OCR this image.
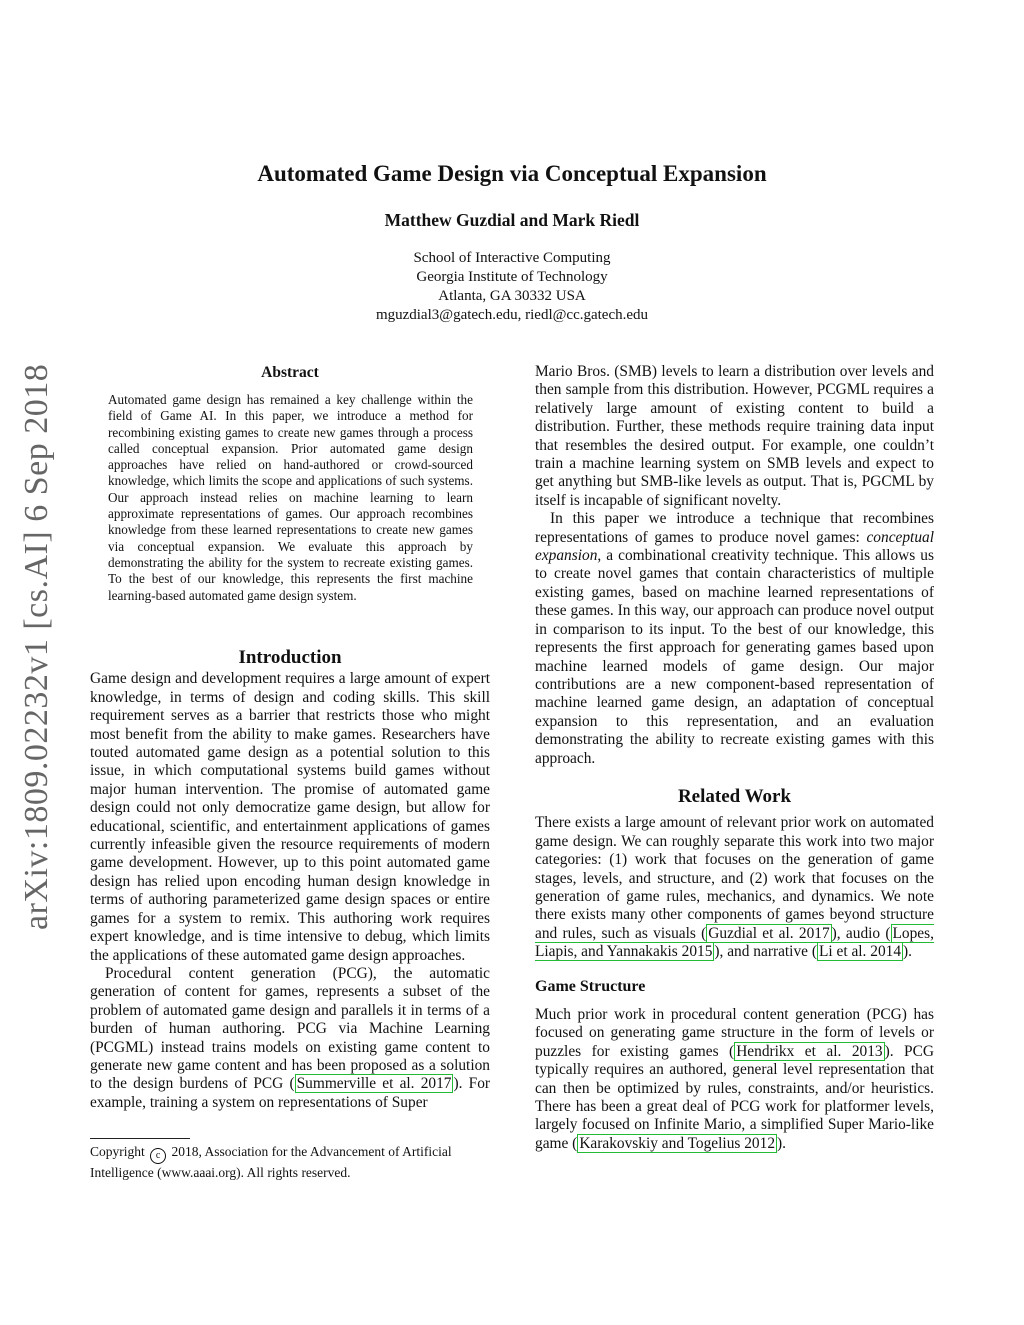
arXiv:1809.02232v1 [cs.AI] 6 Sep 2018
Automated Game Design via Conceptual Expansion
Matthew Guzdial and Mark Riedl
School of Interactive Computing
Georgia Institute of Technology
Atlanta, GA 30332 USA
mguzdial3@gatech.edu, riedl@cc.gatech.edu
Abstract
Automated game design has remained a key challenge within the field of Game AI. In this paper, we introduce a method for recombining existing games to create new games through a process called conceptual expansion. Prior automated game design approaches have relied on hand-authored or crowd-sourced knowledge, which limits the scope and applications of such systems. Our approach instead relies on machine learning to learn approximate representations of games. Our approach recombines knowledge from these learned representations to create new games via conceptual expansion. We evaluate this approach by demonstrating the ability for the system to recreate existing games. To the best of our knowledge, this represents the first machine learning-based automated game design system.
Introduction

Game design and development requires a large amount of expert knowledge, in terms of design and coding skills. This skill requirement serves as a barrier that restricts those who might most benefit from the ability to make games. Researchers have touted automated game design as a potential solution to this issue, in which computational systems build games without major human intervention. The promise of automated game design could not only democratize game design, but allow for educational, scientific, and entertainment applications of games currently infeasible given the resource requirements of modern game development. However, up to this point automated game design has relied upon encoding human design knowledge in terms of authoring parameterized game design spaces or entire games for a system to remix. This authoring work requires expert knowledge, and is time intensive to debug, which limits the applications of these automated game design approaches.

Procedural content generation (PCG), the automatic generation of content for games, represents a subset of the problem of automated game design and parallels it in terms of a burden of human authoring. PCG via Machine Learning (PCGML) instead trains models on existing game content to generate new game content and has been proposed as a solution to the design burdens of PCG ( Summerville et al. 2017 ). For example, training a system on representations of Super

Copyright c 2018, Association for the Advancement of Artificial Intelligence (www.aaai.org). All rights reserved.

Mario Bros. (SMB) levels to learn a distribution over levels and then sample from this distribution. However, PCGML requires a relatively large amount of existing content to build a distribution. Further, these methods require training data input that resembles the desired output. For example, one couldn’t train a machine learning system on SMB levels and expect to get anything but SMB-like levels as output. That is, PGCML by itself is incapable of significant novelty.

In this paper we introduce a technique that recombines representations of games to produce novel games: conceptual expansion, a combinational creativity technique. This allows us to create novel games that contain characteristics of multiple existing games, based on machine learned representations of these games. In this way, our approach can produce novel output in comparison to its input. To the best of our knowledge, this represents the first approach for generating games based upon machine learned models of game design. Our major contributions are a new component-based representation of machine learned game design, an adaptation of conceptual expansion to this representation, and an evaluation demonstrating the ability to recreate existing games with this approach.

Related Work

There exists a large amount of relevant prior work on automated game design. We can roughly separate this work into two major categories: (1) work that focuses on the generation of game stages, levels, and structure, and (2) work that focuses on the generation of game rules, mechanics, and dynamics. We note there exists many other components of games beyond structure and rules, such as visuals ( Guzdial et al. 2017 ), audio ( Lopes, Liapis, and Yannakakis 2015 ), and narrative ( Li et al. 2014 ).

Game Structure

Much prior work in procedural content generation (PCG) has focused on generating game structure in the form of levels or puzzles for existing games ( Hendrikx et al. 2013 ). PCG typically requires an authored, general level representation that can then be optimized by rules, constraints, and/or heuristics. There has been a great deal of PCG work for platformer levels, largely focused on Infinite Mario, a simplified Super Mario-like game ( Karakovskiy and Togelius 2012 ).
